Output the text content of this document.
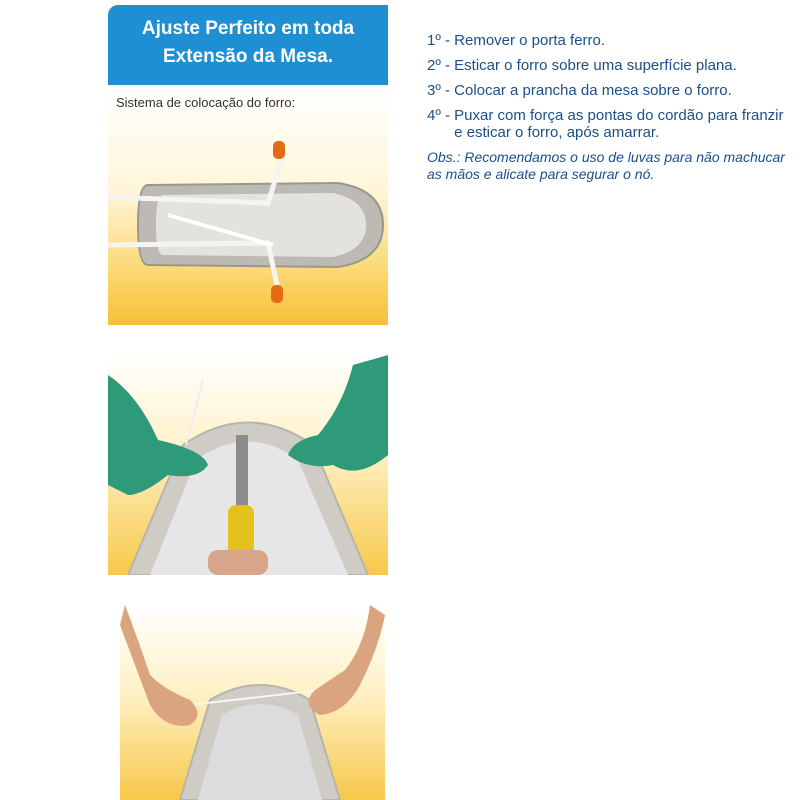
Ajuste Perfeito em toda
Extensão da Mesa.
Sistema de colocação do forro:
1º - Remover o porta ferro.
2º - Esticar o forro sobre uma superfície plana.
3º - Colocar a prancha da mesa sobre o forro.
4º - Puxar com força as pontas do cordão para franzir e esticar o forro, após amarrar.
Obs.: Recomendamos o uso de luvas para não machucar as mãos e alicate para segurar o nó.
